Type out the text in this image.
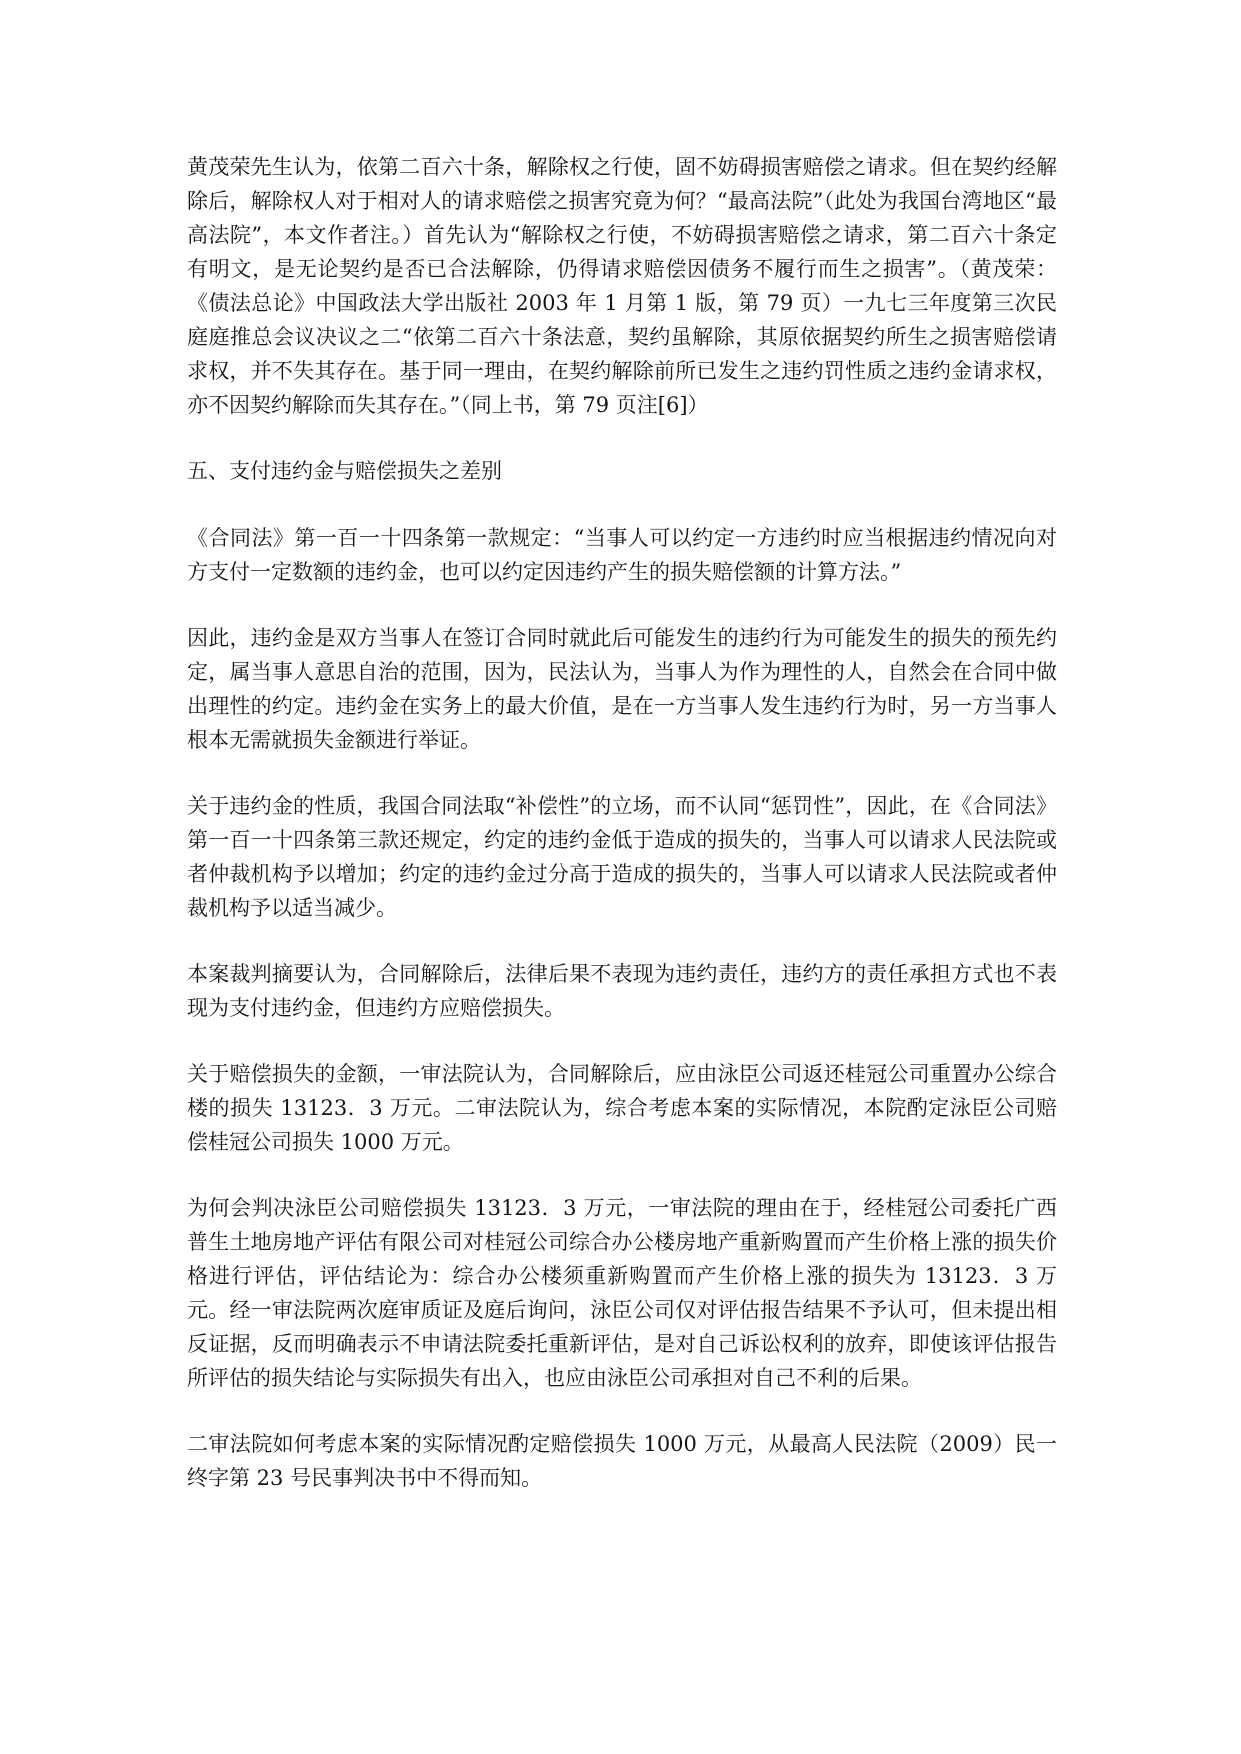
黄茂荣先生认为，依第二百六十条，解除权之行使，固不妨碍损害赔偿之请求。但在契约经解除后，解除权人对于相对人的请求赔偿之损害究竟为何？“最高法院”（此处为我国台湾地区“最高法院”，本文作者注。）首先认为“解除权之行使，不妨碍损害赔偿之请求，第二百六十条定有明文，是无论契约是否已合法解除，仍得请求赔偿因债务不履行而生之损害”。（黄茂荣：《债法总论》中国政法大学出版社 2003 年 1 月第 1 版，第 79 页）一九七三年度第三次民庭庭推总会议决议之二“依第二百六十条法意，契约虽解除，其原依据契约所生之损害赔偿请求权，并不失其存在。基于同一理由，在契约解除前所已发生之违约罚性质之违约金请求权，亦不因契约解除而失其存在。”（同上书，第 79 页注[6]）

五、支付违约金与赔偿损失之差别

《合同法》第一百一十四条第一款规定：“当事人可以约定一方违约时应当根据违约情况向对方支付一定数额的违约金，也可以约定因违约产生的损失赔偿额的计算方法。”

因此，违约金是双方当事人在签订合同时就此后可能发生的违约行为可能发生的损失的预先约定，属当事人意思自治的范围，因为，民法认为，当事人为作为理性的人，自然会在合同中做出理性的约定。违约金在实务上的最大价值，是在一方当事人发生违约行为时，另一方当事人根本无需就损失金额进行举证。

关于违约金的性质，我国合同法取“补偿性”的立场，而不认同“惩罚性”，因此，在《合同法》第一百一十四条第三款还规定，约定的违约金低于造成的损失的，当事人可以请求人民法院或者仲裁机构予以增加；约定的违约金过分高于造成的损失的，当事人可以请求人民法院或者仲裁机构予以适当减少。

本案裁判摘要认为，合同解除后，法律后果不表现为违约责任，违约方的责任承担方式也不表现为支付违约金，但违约方应赔偿损失。

关于赔偿损失的金额，一审法院认为，合同解除后，应由泳臣公司返还桂冠公司重置办公综合楼的损失 13123．3 万元。二审法院认为，综合考虑本案的实际情况，本院酌定泳臣公司赔偿桂冠公司损失 1000 万元。

为何会判决泳臣公司赔偿损失 13123．3 万元，一审法院的理由在于，经桂冠公司委托广西普生土地房地产评估有限公司对桂冠公司综合办公楼房地产重新购置而产生价格上涨的损失价格进行评估，评估结论为：综合办公楼须重新购置而产生价格上涨的损失为 13123．3 万元。经一审法院两次庭审质证及庭后询问，泳臣公司仅对评估报告结果不予认可，但未提出相反证据，反而明确表示不申请法院委托重新评估，是对自己诉讼权利的放弃，即使该评估报告所评估的损失结论与实际损失有出入，也应由泳臣公司承担对自己不利的后果。

二审法院如何考虑本案的实际情况酌定赔偿损失 1000 万元，从最高人民法院（2009）民一终字第 23 号民事判决书中不得而知。
